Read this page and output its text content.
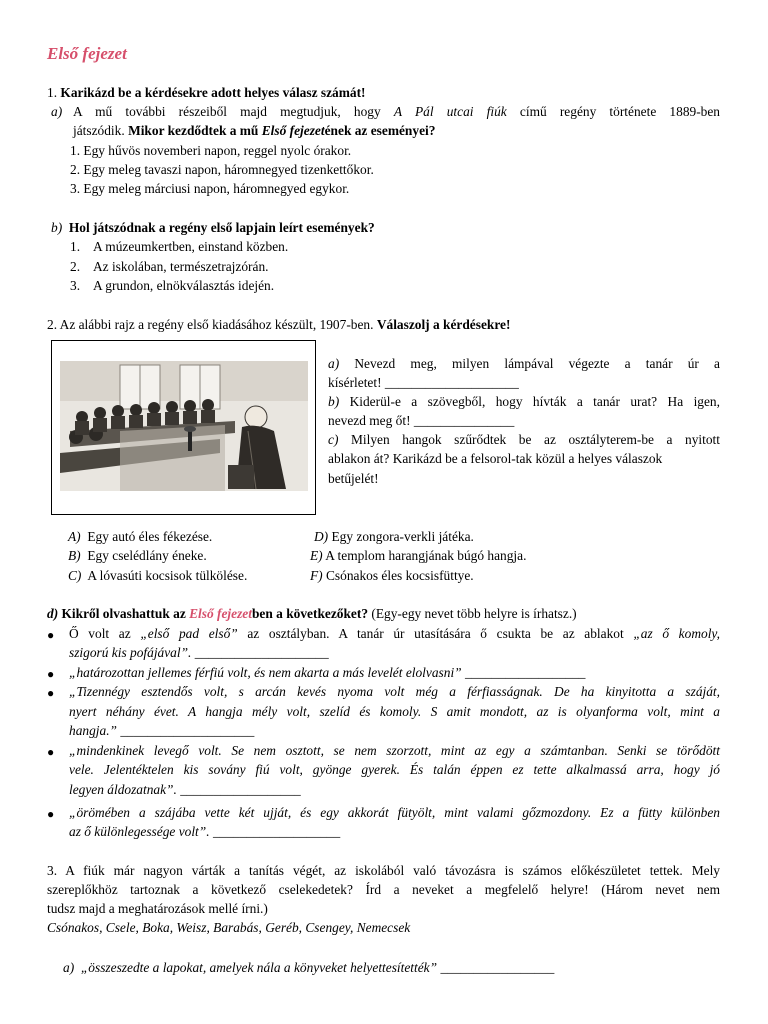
Első fejezet
1. Karikázd be a kérdésekre adott helyes válasz számát!
a) A mű további részeiből majd megtudjuk, hogy A Pál utcai fiúk című regény története 1889-ben
játszódik. Mikor kezdődtek a mű Első fejezetének az eseményei?
1. Egy hűvös novemberi napon, reggel nyolc órakor.
2. Egy meleg tavaszi napon, háromnegyed tizenkettőkor.
3. Egy meleg márciusi napon, háromnegyed egykor.
b) Hol játszódnak a regény első lapjain leírt események?
1. A múzeumkertben, einstand közben.
2. Az iskolában, természetrajzórán.
3. A grundon, elnökválasztás idején.
2. Az alábbi rajz a regény első kiadásához készült, 1907-ben. Válaszolj a kérdésekre!
a) Nevezd meg, milyen lámpával végezte a tanár úr a
kísérletet! ____________________
b) Kiderül-e a szövegből, hogy hívták a tanár urat? Ha igen,
nevezd meg őt! _______________
c) Milyen hangok szűrődtek be az osztályterem-be a nyitott
ablakon át? Karikázd be a felsorol-tak közül a helyes válaszok
betűjelét!
A) Egy autó éles fékezése.
B) Egy cselédlány éneke.
C) A lóvasúti kocsisok tülkölése.
D) Egy zongora-verkli játéka.
E) A templom harangjának búgó hangja.
F) Csónakos éles kocsisfüttye.
d) Kikről olvashattuk az Első fejezetben a következőket? (Egy-egy nevet több helyre is írhatsz.)
● Ő volt az „első pad első” az osztályban. A tanár úr utasítására ő csukta be az ablakot „az ő komoly,
szigorú kis pofájával”. ____________________
● „határozottan jellemes férfiú volt, és nem akarta a más levelét elolvasni” __________________
● „Tizennégy esztendős volt, s arcán kevés nyoma volt még a férfiasságnak. De ha kinyitotta a száját,
nyert néhány évet. A hangja mély volt, szelíd és komoly. S amit mondott, az is olyanforma volt, mint a
hangja.” ____________________
● „mindenkinek levegő volt. Se nem osztott, se nem szorzott, mint az egy a számtanban. Senki se törődött
vele. Jelentéktelen kis sovány fiú volt, gyönge gyerek. És talán éppen ez tette alkalmassá arra, hogy jó
legyen áldozatnak”. __________________
● „örömében a szájába vette két ujját, és egy akkorát fütyölt, mint valami gőzmozdony. Ez a fütty különben
az ő különlegessége volt”. ___________________
3. A fiúk már nagyon várták a tanítás végét, az iskolából való távozásra is számos előkészületet tettek. Mely
szereplőkhöz tartoznak a következő cselekedetek? Írd a neveket a megfelelő helyre! (Három nevet nem
tudsz majd a meghatározások mellé írni.)
Csónakos, Csele, Boka, Weisz, Barabás, Geréb, Csengey, Nemecsek
a) „összeszedte a lapokat, amelyek nála a könyveket helyettesítették” _________________
